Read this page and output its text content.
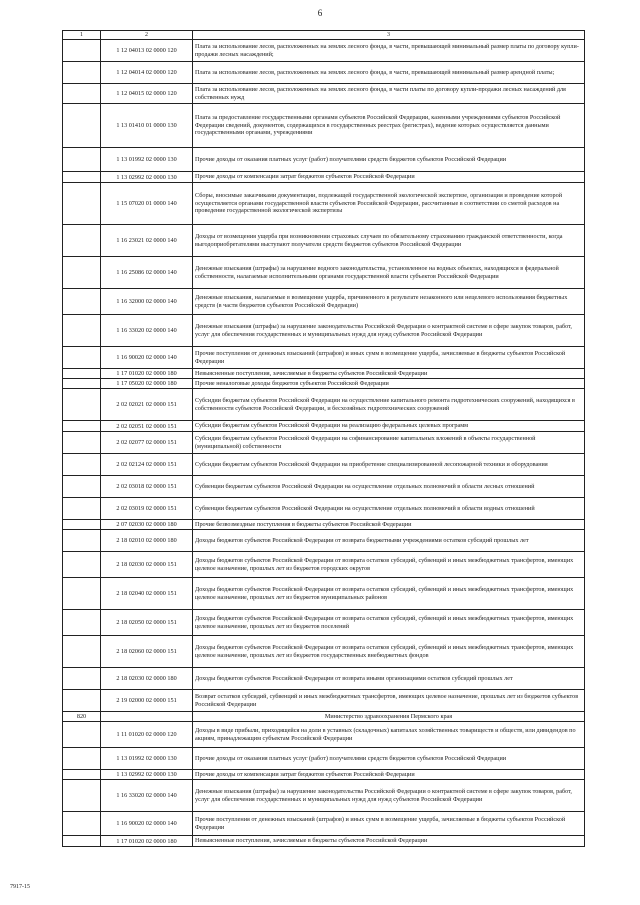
6
1	2	3
	1 12 04013 02 0000 120	Плата за использование лесов, расположенных на землях лесного фонда, в части, превышающей минимальный размер платы по договору купли-продажи лесных насаждений;
	1 12 04014 02 0000 120	Плата за использование лесов, расположенных на землях лесного фонда, в части, превышающей минимальный размер арендной платы;
	1 12 04015 02 0000 120	Плата за использование лесов, расположенных на землях лесного фонда, в части платы по договору купли-продажи лесных насаждений для собственных нужд
	1 13 01410 01 0000 130	Плата за предоставление государственными органами субъектов Российской Федерации, казенными учреждениями субъектов Российской Федерации сведений, документов, содержащихся в государственных реестрах (регистрах), ведение которых осуществляется данными государственными органами, учреждениями
	1 13 01992 02 0000 130	Прочие доходы от оказания платных услуг (работ) получателями средств бюджетов субъектов Российской Федерации
	1 13 02992 02 0000 130	Прочие доходы от компенсации затрат бюджетов субъектов Российской Федерации
	1 15 07020 01 0000 140	Сборы, вносимые заказчиками документации, подлежащей государственной экологической экспертизе, организация и проведение которой осуществляется органами государственной власти субъектов Российской Федерации, рассчитанные в соответствии со сметой расходов на проведение государственной экологической экспертизы
	1 16 23021 02 0000 140	Доходы от возмещения ущерба при возникновении страховых случаев по обязательному страхованию гражданской ответственности, когда выгодоприобретателями выступают получатели средств бюджетов субъектов Российской Федерации
	1 16 25086 02 0000 140	Денежные взыскания (штрафы) за нарушение водного законодательства, установленное на водных объектах, находящихся в федеральной собственности, налагаемые исполнительными органами государственной власти субъектов Российской Федерации
	1 16 32000 02 0000 140	Денежные взыскания, налагаемые в возмещение ущерба, причиненного в результате незаконного или нецелевого использования бюджетных средств (в части бюджетов субъектов Российской Федерации)
	1 16 33020 02 0000 140	Денежные взыскания (штрафы) за нарушение законодательства Российской Федерации о контрактной системе в сфере закупок товаров, работ, услуг для обеспечения государственных и муниципальных нужд для нужд субъектов Российской Федерации
	1 16 90020 02 0000 140	Прочие поступления от денежных взысканий (штрафов) и иных сумм в возмещение ущерба, зачисляемые в бюджеты субъектов Российской Федерации
	1 17 01020 02 0000 180	Невыясненные поступления, зачисляемые в бюджеты субъектов Российской Федерации
	1 17 05020 02 0000 180	Прочие неналоговые доходы бюджетов субъектов Российской Федерации
	2 02 02021 02 0000 151	Субсидии бюджетам субъектов Российской Федерации на осуществление капитального ремонта гидротехнических сооружений, находящихся в собственности субъектов Российской Федерации, и бесхозяйных гидротехнических сооружений
	2 02 02051 02 0000 151	Субсидии бюджетам субъектов Российской Федерации на реализацию федеральных целевых программ
	2 02 02077 02 0000 151	Субсидии бюджетам субъектов Российской Федерации на софинансирование капитальных вложений в объекты государственной (муниципальной) собственности
	2 02 02124 02 0000 151	Субсидии бюджетам субъектов Российской Федерации на приобретение специализированной лесопожарной техники и оборудования
	2 02 03018 02 0000 151	Субвенции бюджетам субъектов Российской Федерации на осуществление отдельных полномочий в области лесных отношений
	2 02 03019 02 0000 151	Субвенции бюджетам субъектов Российской Федерации на осуществление отдельных полномочий в области водных отношений
	2 07 02030 02 0000 180	Прочие безвозмездные поступления в бюджеты субъектов Российской Федерации
	2 18 02010 02 0000 180	Доходы бюджетов субъектов Российской Федерации от возврата бюджетными учреждениями остатков субсидий прошлых лет
	2 18 02030 02 0000 151	Доходы бюджетов субъектов Российской Федерации от возврата остатков субсидий, субвенций и иных межбюджетных трансфертов, имеющих целевое назначение, прошлых лет из бюджетов городских округов
	2 18 02040 02 0000 151	Доходы бюджетов субъектов Российской Федерации от возврата остатков субсидий, субвенций и иных межбюджетных трансфертов, имеющих целевое назначение, прошлых лет из бюджетов муниципальных районов
	2 18 02050 02 0000 151	Доходы бюджетов субъектов Российской Федерации от возврата остатков субсидий, субвенций и иных межбюджетных трансфертов, имеющих целевое назначение, прошлых лет из бюджетов поселений
	2 18 02060 02 0000 151	Доходы бюджетов субъектов Российской Федерации от возврата остатков субсидий, субвенций и иных межбюджетных трансфертов, имеющих целевое назначение, прошлых лет из бюджетов государственных внебюджетных фондов
	2 18 02030 02 0000 180	Доходы бюджетов субъектов Российской Федерации от возврата иными организациями остатков субсидий прошлых лет
	2 19 02000 02 0000 151	Возврат остатков субсидий, субвенций и иных межбюджетных трансфертов, имеющих целевое назначение, прошлых лет из бюджетов субъектов Российской Федерации
820		Министерство здравоохранения Пермского края
	1 11 01020 02 0000 120	Доходы в виде прибыли, приходящейся на доли в уставных (складочных) капиталах хозяйственных товариществ и обществ, или дивидендов по акциям, принадлежащим субъектам Российской Федерации
	1 13 01992 02 0000 130	Прочие доходы от оказания платных услуг (работ) получателями средств бюджетов субъектов Российской Федерации
	1 13 02992 02 0000 130	Прочие доходы от компенсации затрат бюджетов субъектов Российской Федерации
	1 16 33020 02 0000 140	Денежные взыскания (штрафы) за нарушение законодательства Российской Федерации о контрактной системе в сфере закупок товаров, работ, услуг для обеспечения государственных и муниципальных нужд для нужд субъектов Российской Федерации
	1 16 90020 02 0000 140	Прочие поступления от денежных взысканий (штрафов) и иных сумм в возмещение ущерба, зачисляемые в бюджеты субъектов Российской Федерации
	1 17 01020 02 0000 180	Невыясненные поступления, зачисляемые в бюджеты субъектов Российской Федерации
7917-15
